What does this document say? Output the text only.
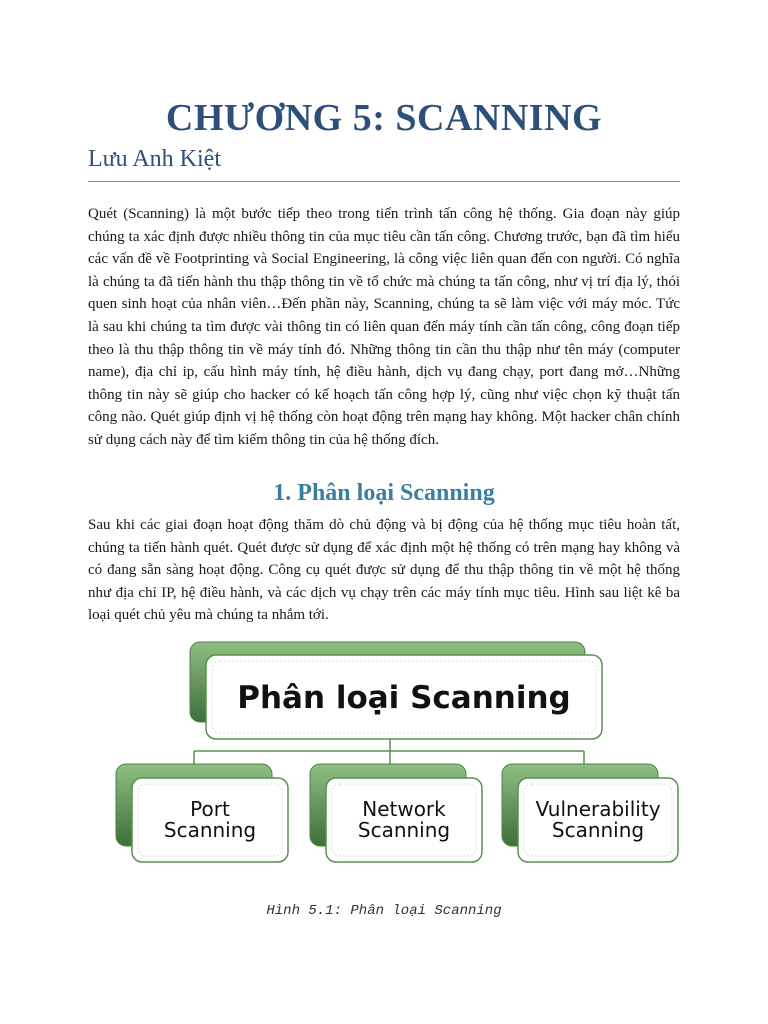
CHƯƠNG 5: SCANNING
Lưu Anh Kiệt
Quét (Scanning) là một bước tiếp theo trong tiến trình tấn công hệ thống. Gia đoạn này giúp chúng ta xác định được nhiều thông tin của mục tiêu cần tấn công. Chương trước, bạn đã tìm hiểu các vấn đề về Footprinting và Social Engineering, là công việc liên quan đến con người. Có nghĩa là chúng ta đã tiến hành thu thập thông tin về tổ chức mà chúng ta tấn công, như vị trí địa lý, thói quen sinh hoạt của nhân viên…Đến phần này, Scanning, chúng ta sẽ làm việc với máy móc. Tức là sau khi chúng ta tìm được vài thông tin có liên quan đến máy tính cần tấn công, công đoạn tiếp theo là thu thập thông tin về máy tính đó. Những thông tin cần thu thập như tên máy (computer name), địa chỉ ip, cấu hình máy tính, hệ điều hành, dịch vụ đang chạy, port đang mở…Những thông tin này sẽ giúp cho hacker có kế hoạch tấn công hợp lý, cũng như việc chọn kỹ thuật tấn công nào. Quét giúp định vị hệ thống còn hoạt động trên mạng hay không. Một hacker chân chính sử dụng cách này để tìm kiếm thông tin của hệ thống đích.
1. Phân loại Scanning
Sau khi các giai đoạn hoạt động thăm dò chủ động và bị động của hệ thống mục tiêu hoàn tất, chúng ta tiến hành quét. Quét được sử dụng để xác định một hệ thống có trên mạng hay không và có đang sẵn sàng hoạt động. Công cụ quét được sử dụng để thu thập thông tin về một hệ thống như địa chỉ IP, hệ điều hành, và các dịch vụ chạy trên các máy tính mục tiêu. Hình sau liệt kê ba loại quét chủ yêu mà chúng ta nhắm tới.
Phân loại Scanning
Port
Scanning
Network
Scanning
Vulnerability
Scanning
Hình 5.1: Phân loại Scanning
